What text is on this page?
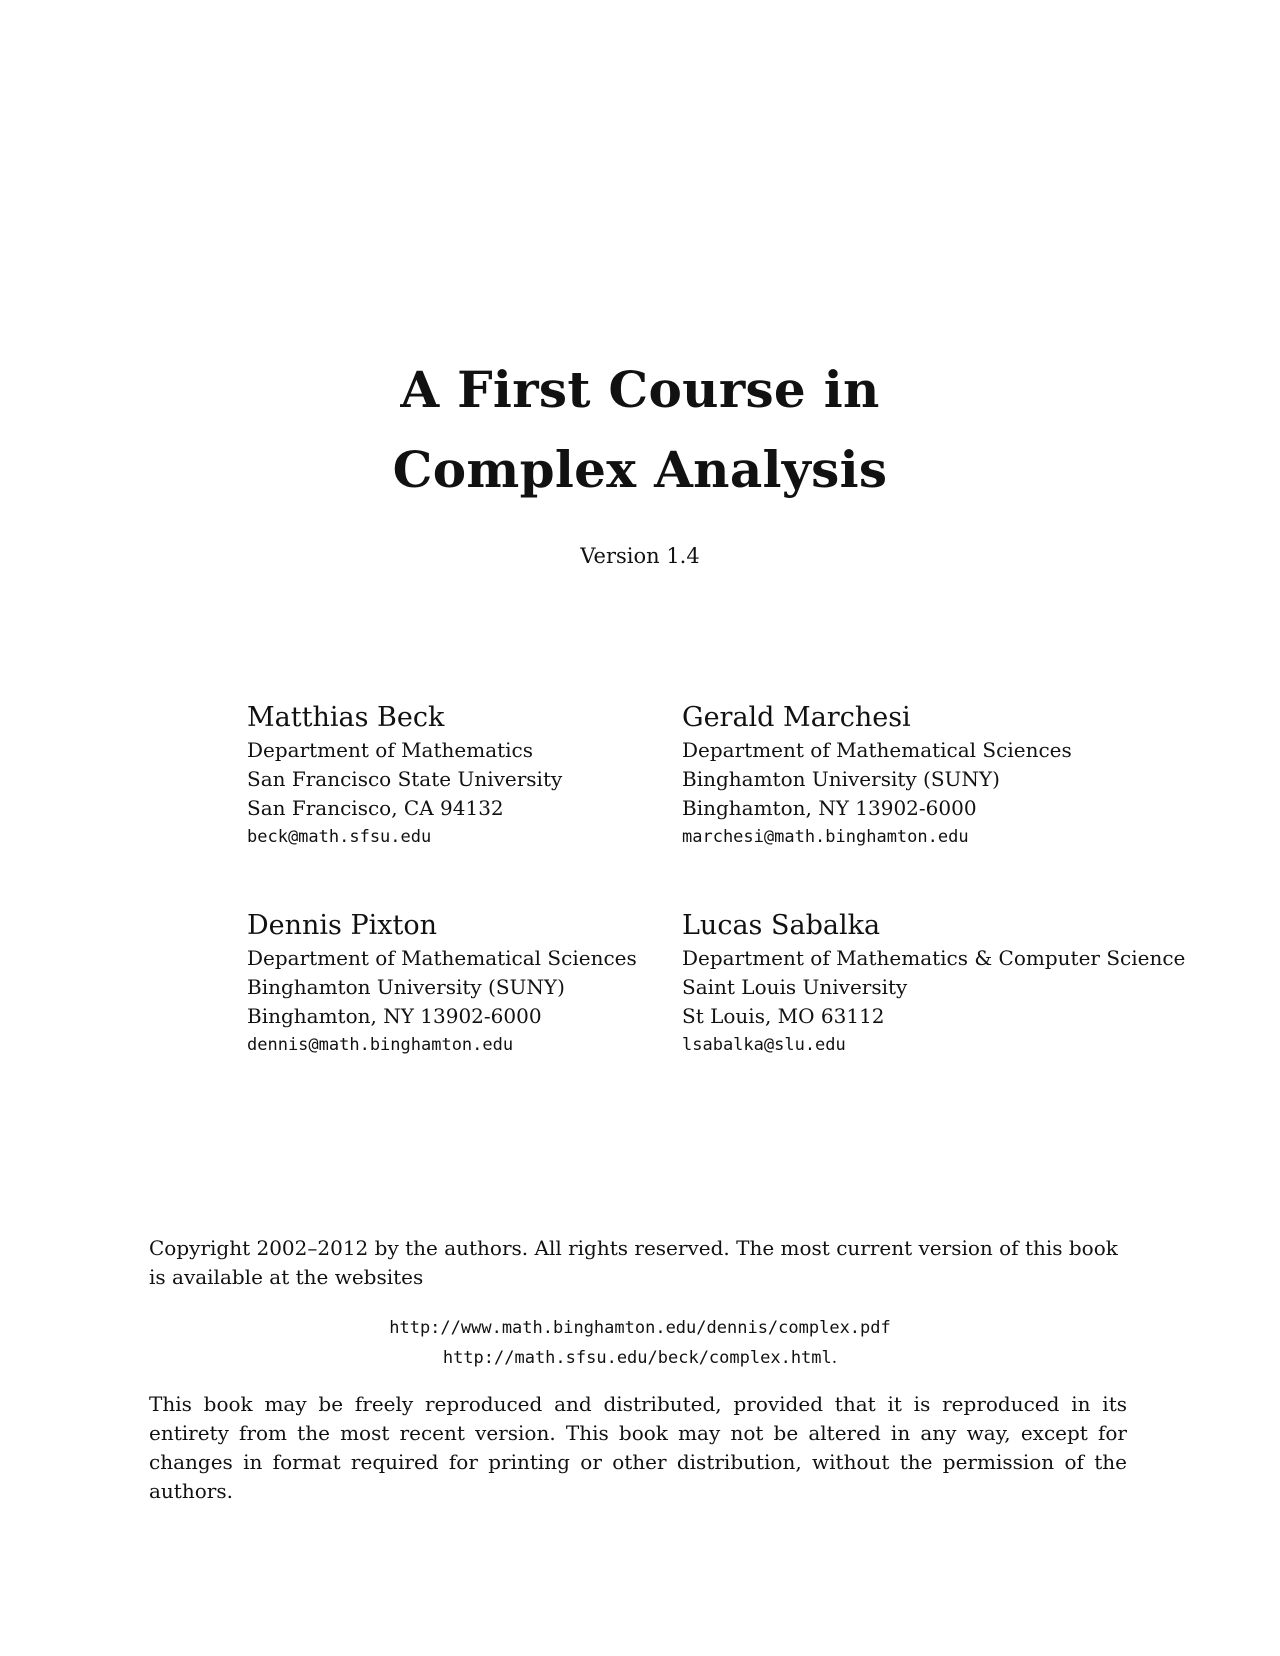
A First Course in
Complex Analysis
Version 1.4
Matthias Beck
Department of Mathematics
San Francisco State University
San Francisco, CA 94132
beck@math.sfsu.edu
Gerald Marchesi
Department of Mathematical Sciences
Binghamton University (SUNY)
Binghamton, NY 13902-6000
marchesi@math.binghamton.edu
Dennis Pixton
Department of Mathematical Sciences
Binghamton University (SUNY)
Binghamton, NY 13902-6000
dennis@math.binghamton.edu
Lucas Sabalka
Department of Mathematics & Computer Science
Saint Louis University
St Louis, MO 63112
lsabalka@slu.edu
Copyright 2002–2012 by the authors. All rights reserved. The most current version of this book is available at the websites
http://www.math.binghamton.edu/dennis/complex.pdf
http://math.sfsu.edu/beck/complex.html.
This book may be freely reproduced and distributed, provided that it is reproduced in its entirety from the most recent version. This book may not be altered in any way, except for changes in format required for printing or other distribution, without the permission of the authors.
